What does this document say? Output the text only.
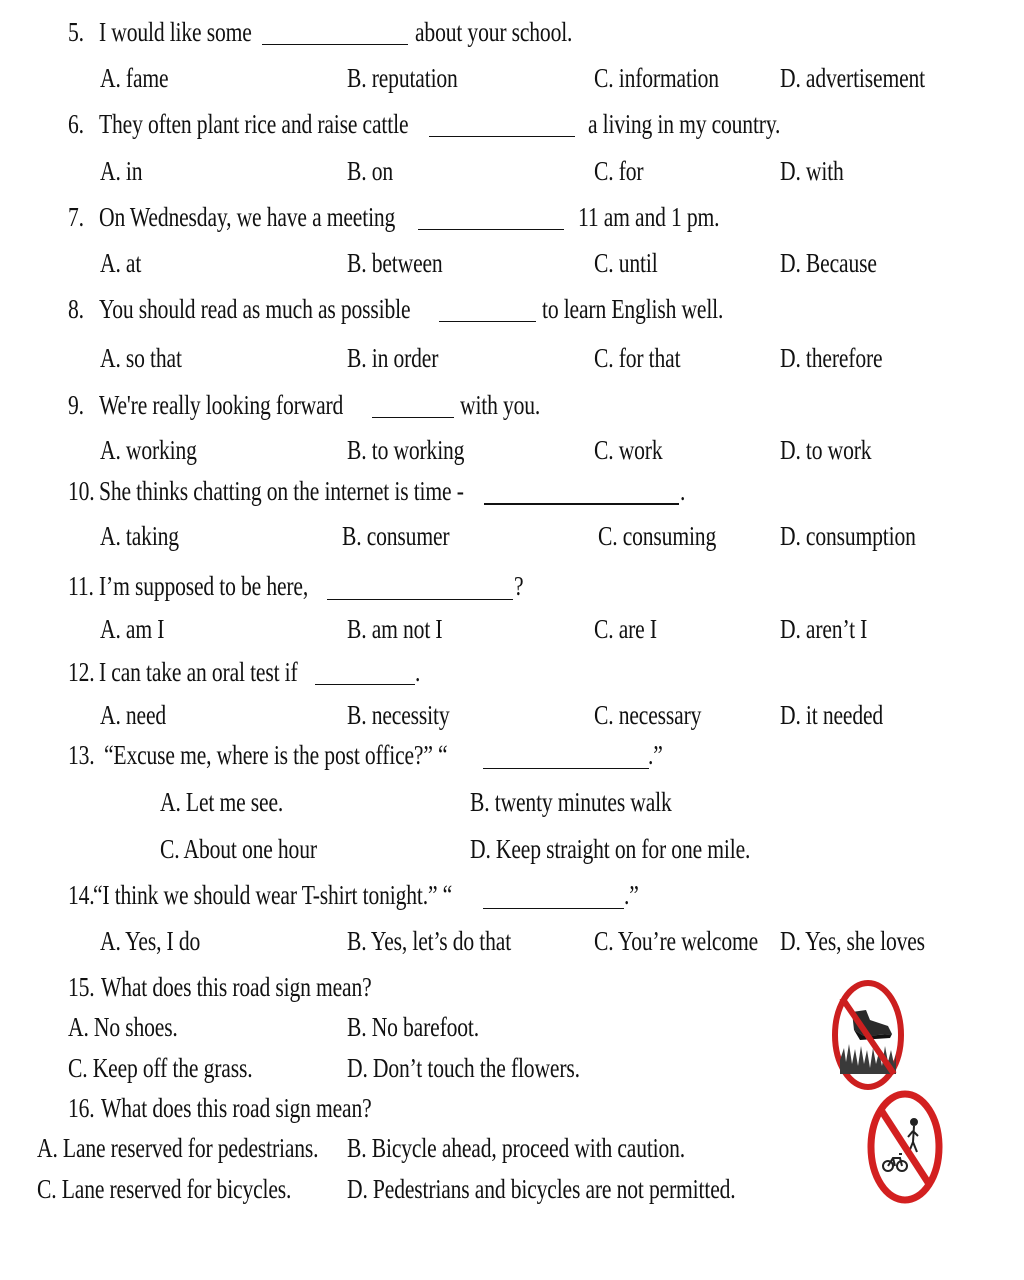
5. I would like some	about your school.
A. fame	B. reputation	C. information D. advertisement
6. They often plant rice and raise cattle	a living in my country.
A. in	B. on	C. for	D. with
7. On Wednesday, we have a meeting	11 am and 1 pm.
A. at	B. between	C. until	D. Because
8. You should read as much as possible	to learn English well.
A. so that	B. in order	C. for that	D. therefore
9. We're really looking forward	with you.
A. working	B. to working	C. work	D. to work
10. She thinks chatting on the internet is time -	.
A. taking	B. consumer	C. consuming D. consumption
11. I’m supposed to be here,	?
A. am I	B. am not I	C. are I	D. aren’t I
12. I can take an oral test if	.
A. need	B. necessity	C. necessary	D. it needed
13. “Excuse me, where is the post office?” “	.”
A. Let me see.	B. twenty minutes walk
C. About one hour	D. Keep straight on for one mile.
14.
“I think we should wear T-shirt tonight.” “	.”
A. Yes, I do	B. Yes, let’s do that	C. You’re welcome D. Yes, she loves
15. What does this road sign mean?
A. No shoes.	B. No barefoot.
C. Keep off the grass.	D. Don’t touch the flowers.
16. What does this road sign mean?
A. Lane reserved for pedestrians. B. Bicycle ahead, proceed with caution.
C. Lane reserved for bicycles. D. Pedestrians and bicycles are not permitted.
